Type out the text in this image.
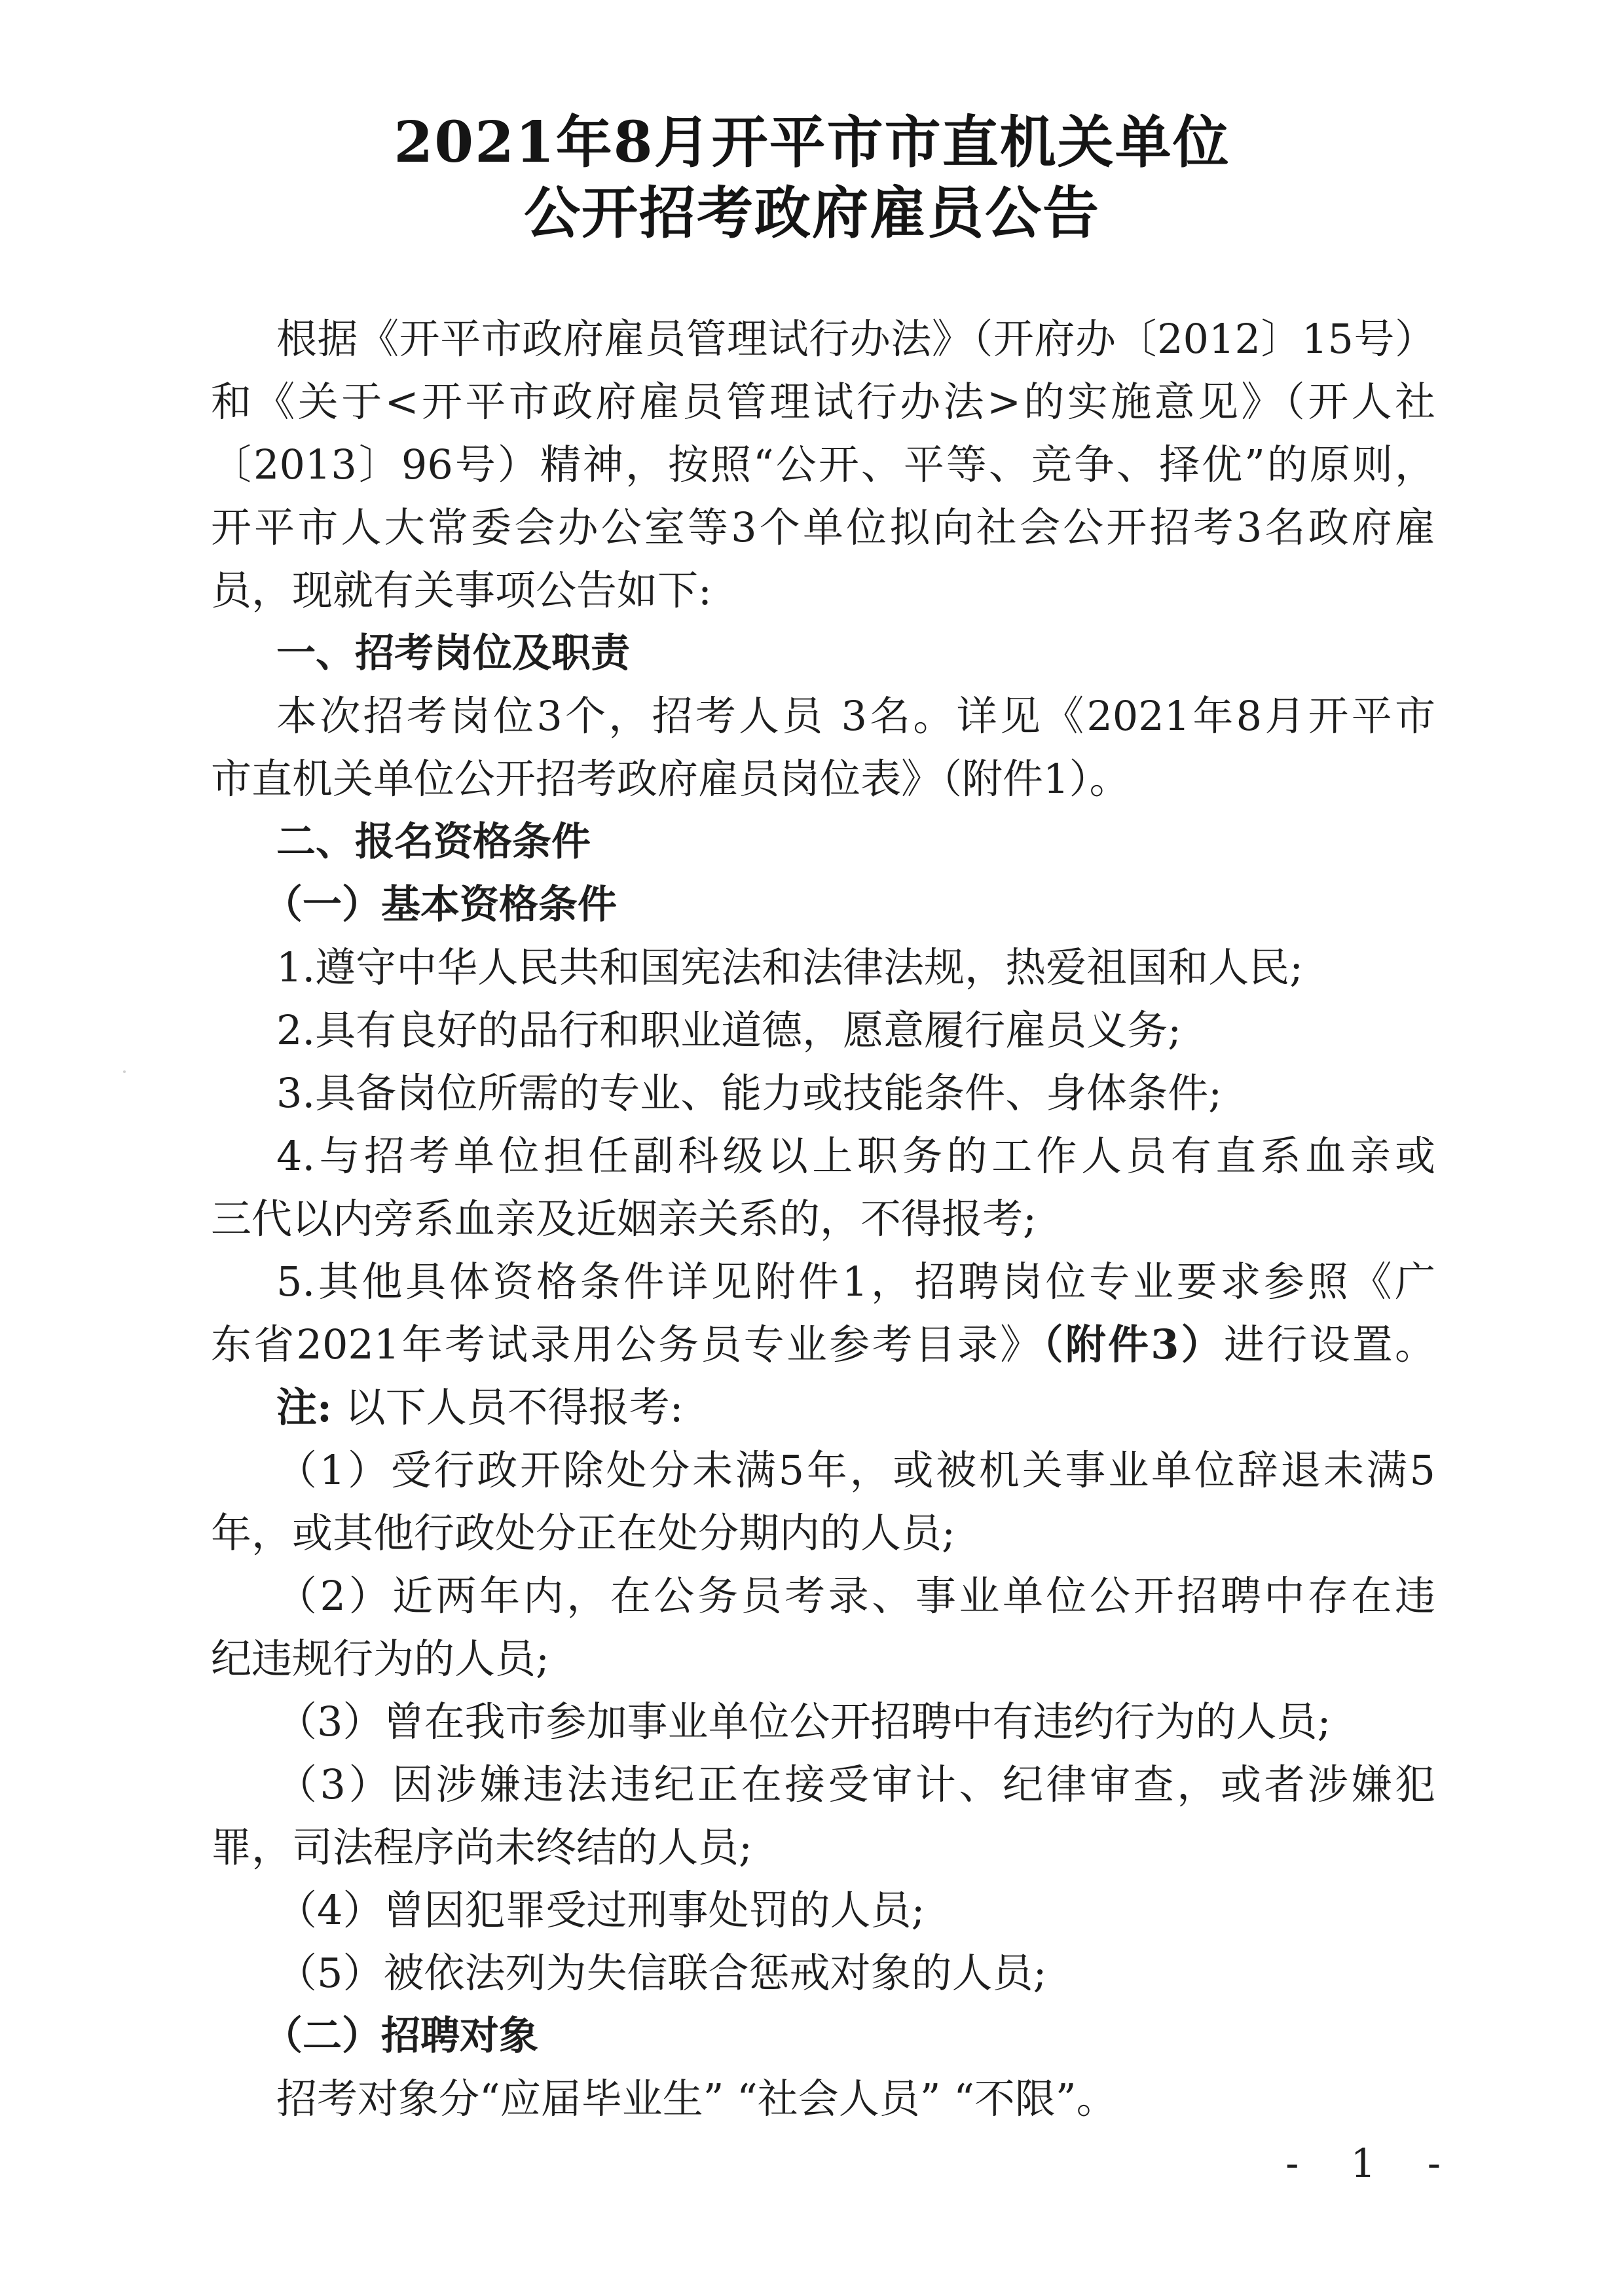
2021年8月开平市市直机关单位
公开招考政府雇员公告
根据《开平市政府雇员管理试行办法》（开府办〔2012〕15号）
和《关于<开平市政府雇员管理试行办法>的实施意见》（开人社
〔2013〕96号）精神，按照“公开、平等、竞争、择优”的原则，
开平市人大常委会办公室等3个单位拟向社会公开招考3名政府雇
员，现就有关事项公告如下:
一、招考岗位及职责
本次招考岗位3个，招考人员 3名。详见《2021年8月开平市
市直机关单位公开招考政府雇员岗位表》（附件1）。
二、报名资格条件
（一）基本资格条件
1.遵守中华人民共和国宪法和法律法规，热爱祖国和人民;
2.具有良好的品行和职业道德，愿意履行雇员义务;
3.具备岗位所需的专业、能力或技能条件、身体条件;
4.与招考单位担任副科级以上职务的工作人员有直系血亲或
三代以内旁系血亲及近姻亲关系的，不得报考;
5.其他具体资格条件详见附件1，招聘岗位专业要求参照《广
东省2021年考试录用公务员专业参考目录》（附件3）进行设置。
注: 以下人员不得报考:
（1）受行政开除处分未满5年，或被机关事业单位辞退未满5
年，或其他行政处分正在处分期内的人员;
（2）近两年内，在公务员考录、事业单位公开招聘中存在违
纪违规行为的人员;
（3）曾在我市参加事业单位公开招聘中有违约行为的人员;
（3）因涉嫌违法违纪正在接受审计、纪律审查，或者涉嫌犯
罪，司法程序尚未终结的人员;
（4）曾因犯罪受过刑事处罚的人员;
（5）被依法列为失信联合惩戒对象的人员;
（二）招聘对象
招考对象分“应届毕业生” “社会人员” “不限”。
- 1 -
